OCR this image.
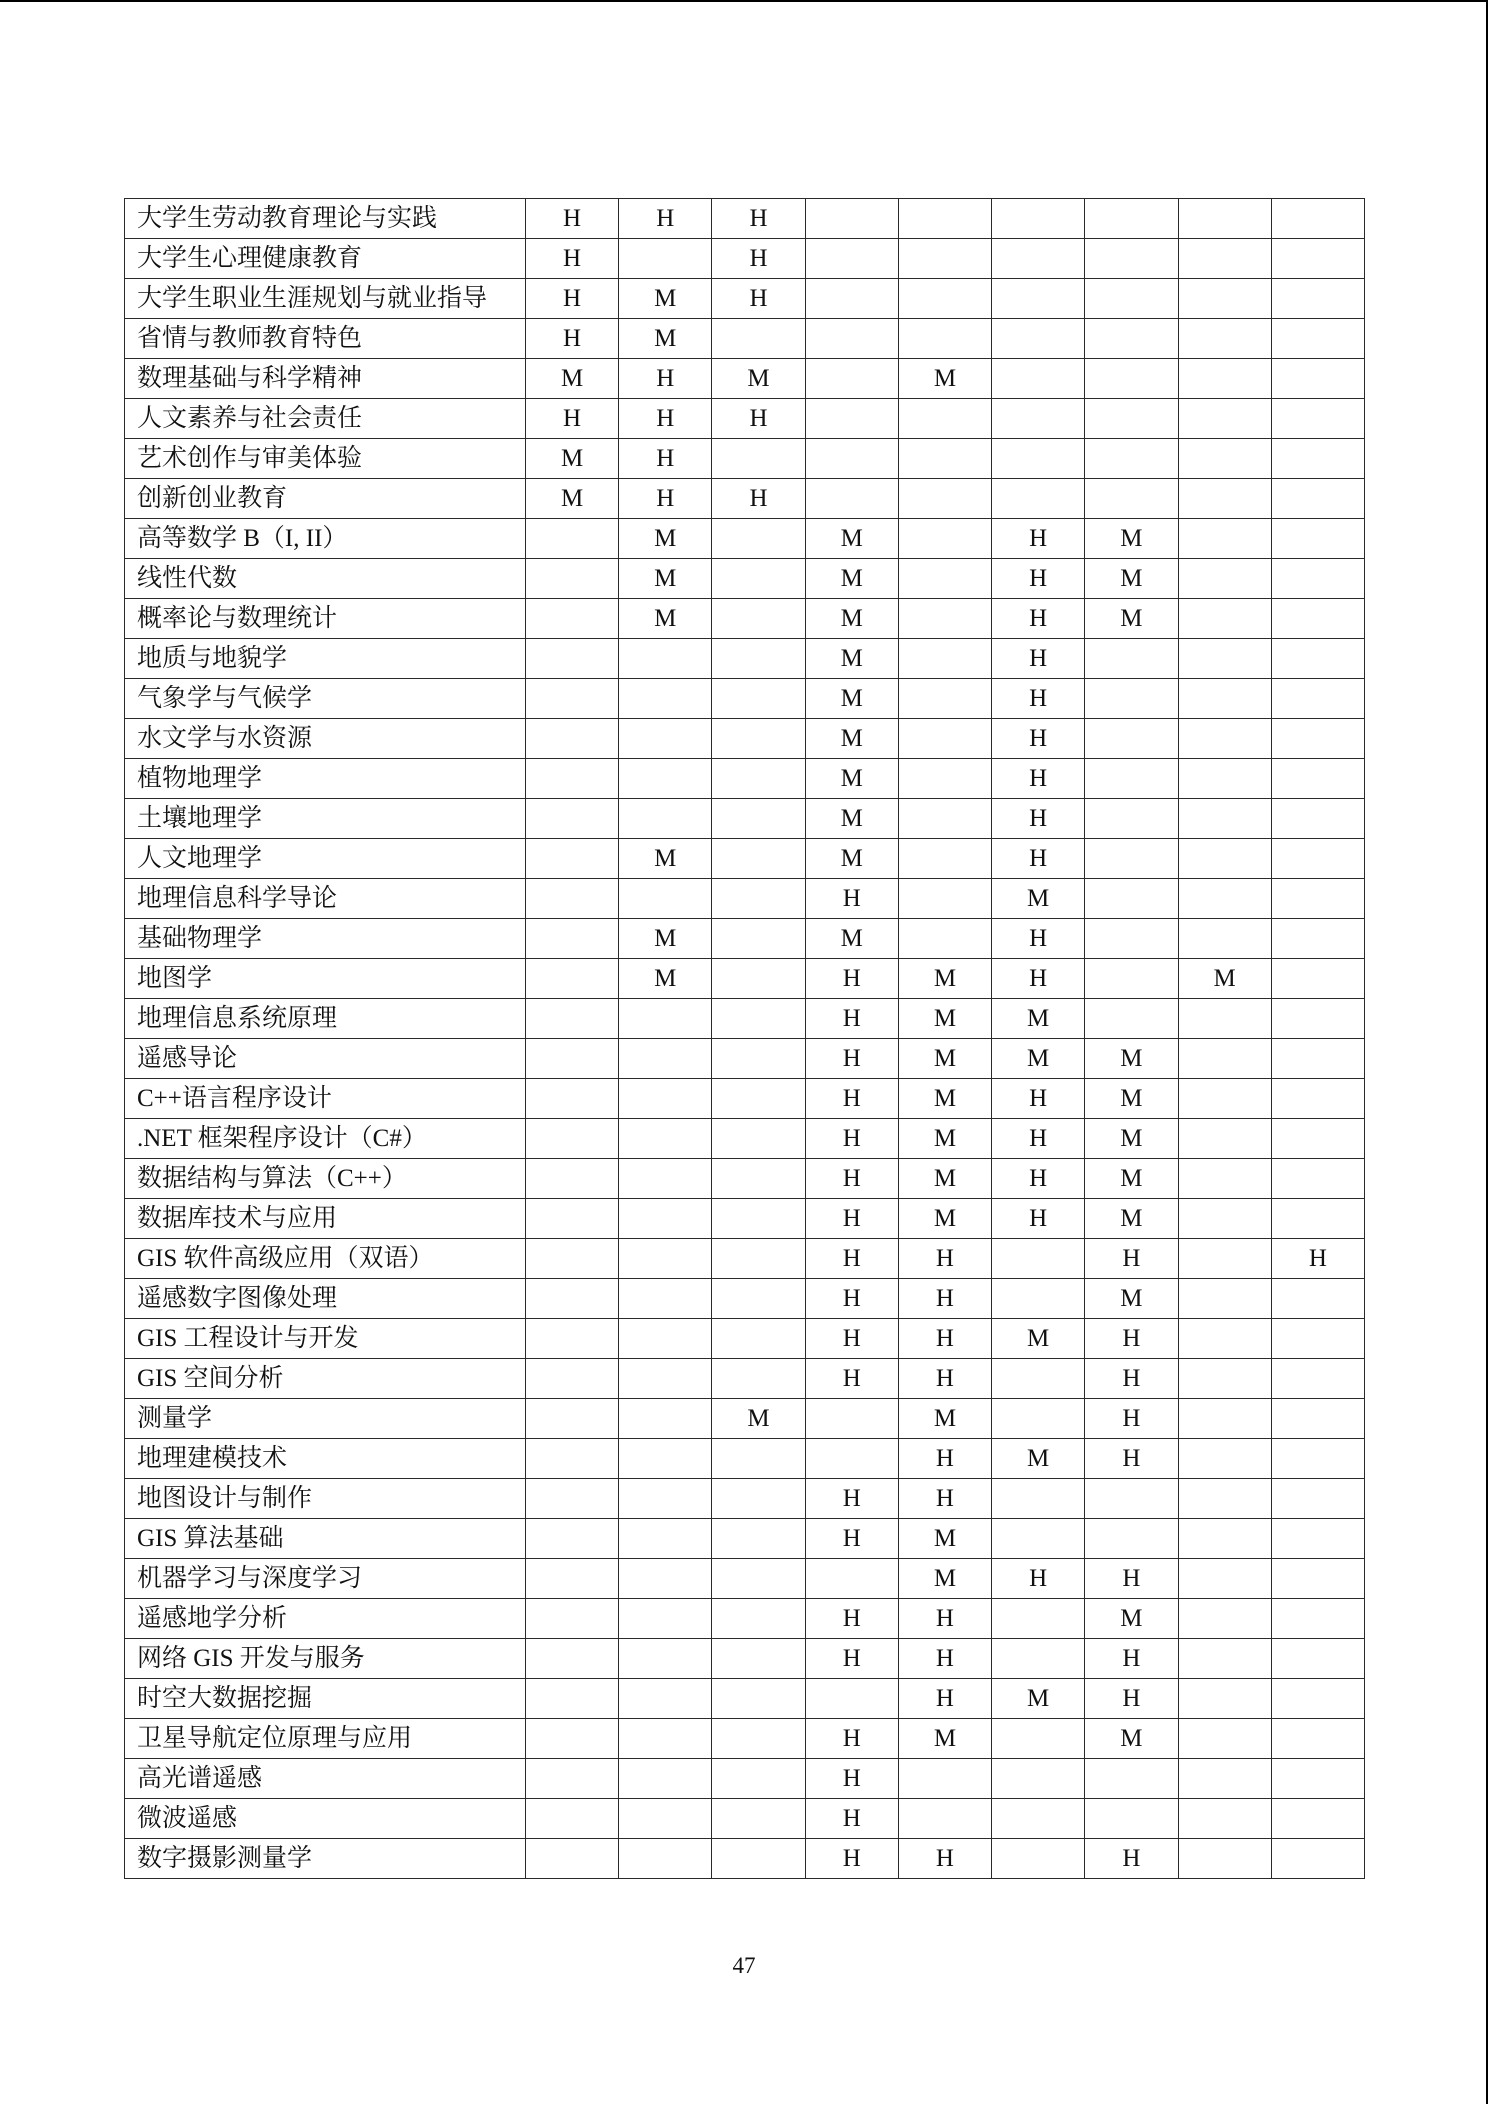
大学生劳动教育理论与实践	H	H	H						
大学生心理健康教育	H		H						
大学生职业生涯规划与就业指导	H	M	H						
省情与教师教育特色	H	M							
数理基础与科学精神	M	H	M		M				
人文素养与社会责任	H	H	H						
艺术创作与审美体验	M	H							
创新创业教育	M	H	H						
高等数学 B（I, II）		M		M		H	M		
线性代数		M		M		H	M		
概率论与数理统计		M		M		H	M		
地质与地貌学				M		H			
气象学与气候学				M		H			
水文学与水资源				M		H			
植物地理学				M		H			
土壤地理学				M		H			
人文地理学		M		M		H			
地理信息科学导论				H		M			
基础物理学		M		M		H			
地图学		M		H	M	H		M	
地理信息系统原理				H	M	M			
遥感导论				H	M	M	M		
C++语言程序设计				H	M	H	M		
.NET 框架程序设计（C#）				H	M	H	M		
数据结构与算法（C++）				H	M	H	M		
数据库技术与应用				H	M	H	M		
GIS 软件高级应用（双语）				H	H		H		H
遥感数字图像处理				H	H		M		
GIS 工程设计与开发				H	H	M	H		
GIS 空间分析				H	H		H		
测量学			M		M		H		
地理建模技术					H	M	H		
地图设计与制作				H	H				
GIS 算法基础				H	M				
机器学习与深度学习					M	H	H		
遥感地学分析				H	H		M		
网络 GIS 开发与服务				H	H		H		
时空大数据挖掘					H	M	H		
卫星导航定位原理与应用				H	M		M		
高光谱遥感				H					
微波遥感				H					
数字摄影测量学				H	H		H		
47
